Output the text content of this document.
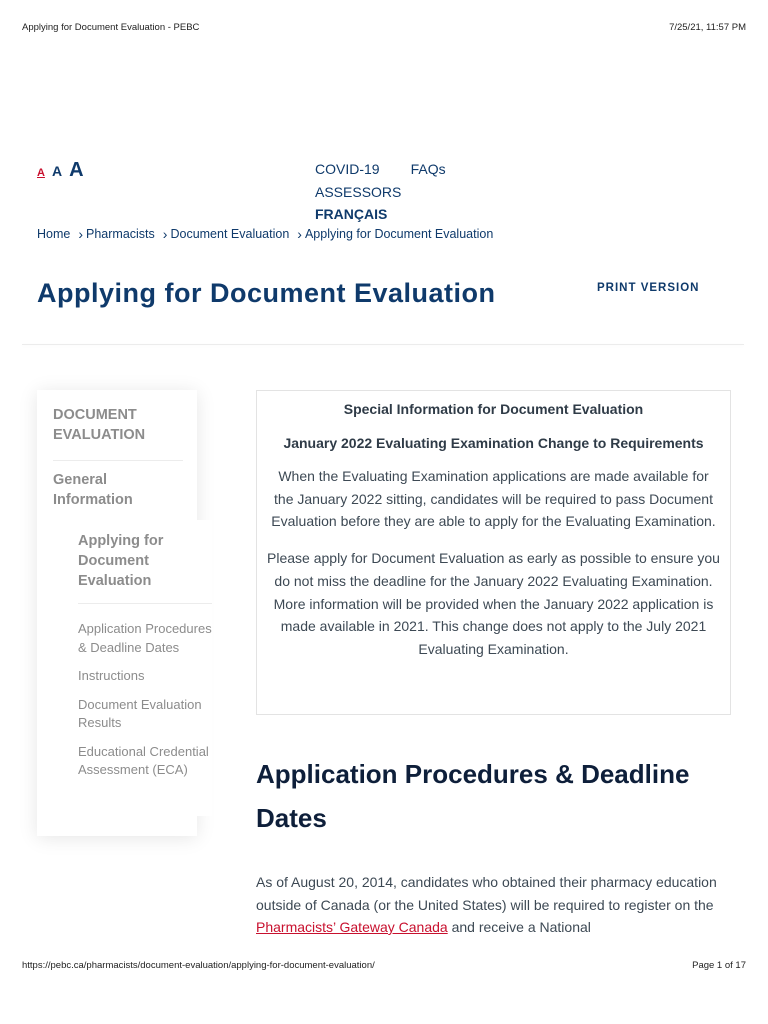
Applying for Document Evaluation - PEBC	7/25/21, 11:57 PM
A A A	COVID-19 FAQs
ASSESSORS
FRANÇAIS
Home › Pharmacists › Document Evaluation › Applying for Document Evaluation
Applying for Document Evaluation	PRINT VERSION
DOCUMENT EVALUATION
General Information
Applying for Document Evaluation
Application Procedures & Deadline Dates
Instructions
Document Evaluation Results
Educational Credential Assessment (ECA)
Special Information for Document Evaluation
January 2022 Evaluating Examination Change to Requirements

When the Evaluating Examination applications are made available for the January 2022 sitting, candidates will be required to pass Document Evaluation before they are able to apply for the Evaluating Examination.

Please apply for Document Evaluation as early as possible to ensure you do not miss the deadline for the January 2022 Evaluating Examination. More information will be provided when the January 2022 application is made available in 2021. This change does not apply to the July 2021 Evaluating Examination.

Application Procedures & Deadline Dates

As of August 20, 2014, candidates who obtained their pharmacy education outside of Canada (or the United States) will be required to register on the Pharmacists’ Gateway Canada and receive a National

https://pebc.ca/pharmacists/document-evaluation/applying-for-document-evaluation/	Page 1 of 17
